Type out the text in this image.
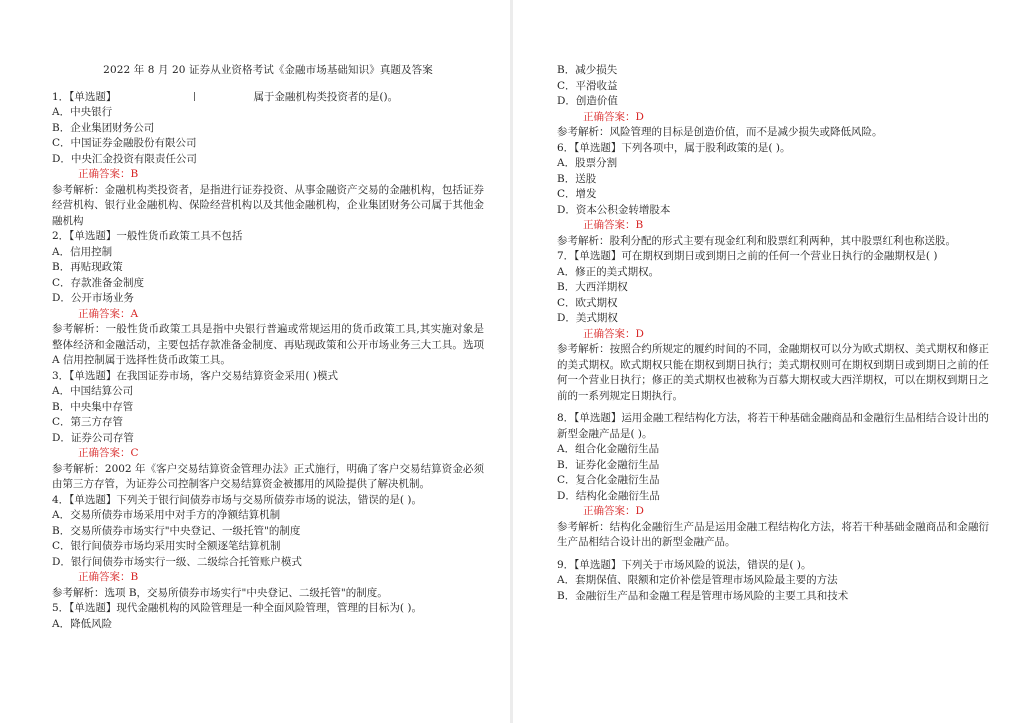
2022 年 8 月 20 证券从业资格考试《金融市场基础知识》真题及答案
1．【单选题】	属于金融机构类投资者的是()。
A．中央银行
B．企业集团财务公司
C．中国证券金融股份有限公司
D．中央汇金投资有限责任公司
正确答案：B
参考解析：金融机构类投资者，是指进行证券投资、从事金融资产交易的金融机构，包括证券经营机构、银行业金融机构、保险经营机构以及其他金融机构，企业集团财务公司属于其他金融机构
2．【单选题】一般性货币政策工具不包括
A．信用控制
B．再贴现政策
C．存款准备金制度
D．公开市场业务
正确答案：A
参考解析：一般性货币政策工具是指中央银行普遍或常规运用的货币政策工具,其实施对象是整体经济和金融活动，主要包括存款准备金制度、再贴现政策和公开市场业务三大工具。选项 A 信用控制属于选择性货币政策工具。
3．【单选题】在我国证券市场，客户交易结算资金采用( )模式
A．中国结算公司
B．中央集中存管
C．第三方存管
D．证券公司存管
正确答案：C
参考解析：2002 年《客户交易结算资金管理办法》正式施行，明确了客户交易结算资金必须由第三方存管，为证券公司控制客户交易结算资金被挪用的风险提供了解决机制。
4．【单选题】下列关于银行间债券市场与交易所债券市场的说法，错误的是( )。
A．交易所债券市场采用中对手方的净额结算机制
B．交易所债券市场实行"中央登记、一级托管"的制度
C．银行间债券市场均采用实时全额逐笔结算机制
D．银行间债券市场实行一级、二级综合托管账户模式
正确答案：B
参考解析：选项 B，交易所债券市场实行"中央登记、二级托管"的制度。
5．【单选题】现代金融机构的风险管理是一种全面风险管理，管理的目标为( )。
A．降低风险
B．减少损失
C．平滑收益
D．创造价值
正确答案：D
参考解析：风险管理的目标是创造价值，而不是减少损失或降低风险。
6．【单选题】下列各项中，属于股利政策的是( )。
A．股票分割
B．送股
C．增发
D．资本公积金转增股本
正确答案：B
参考解析：股利分配的形式主要有现金红利和股票红利两种，其中股票红利也称送股。
7．【单选题】可在期权到期日或到期日之前的任何一个营业日执行的金融期权是( )
A．修正的美式期权。
B．大西洋期权
C．欧式期权
D．美式期权
正确答案：D
参考解析：按照合约所规定的履约时间的不同，金融期权可以分为欧式期权、美式期权和修正的美式期权。欧式期权只能在期权到期日执行；美式期权则可在期权到期日或到期日之前的任何一个营业日执行；修正的美式期权也被称为百慕大期权或大西洋期权，可以在期权到期日之前的一系列规定日期执行。
8．【单选题】运用金融工程结构化方法，将若干种基础金融商品和金融衍生品相结合设计出的新型金融产品是( )。
A．组合化金融衍生品
B．证券化金融衍生品
C．复合化金融衍生品
D．结构化金融衍生品
正确答案：D
参考解析：结构化金融衍生产品是运用金融工程结构化方法，将若干种基础金融商品和金融衍生产品相结合设计出的新型金融产品。
9．【单选题】下列关于市场风险的说法，错误的是( )。
A．套期保值、限额和定价补偿是管理市场风险最主要的方法
B．金融衍生产品和金融工程是管理市场风险的主要工具和技术
